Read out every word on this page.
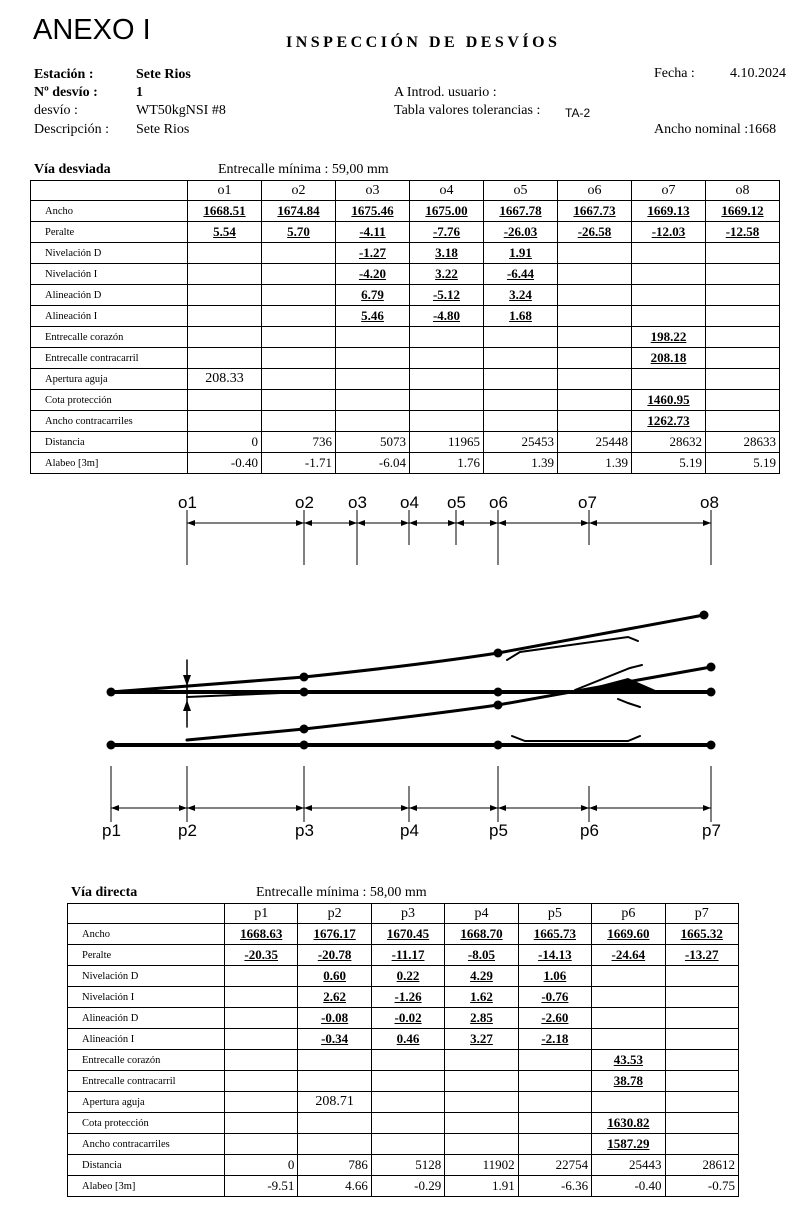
ANEXO I	INSPECCIÓN DE DESVÍOS
Fecha :	4.10.2024
Estación :	Sete Rios
Nº desvío :	1
desvío :	WT50kgNSI #8
Descripción : Sete Rios
A Introd. usuario :
Tabla valores tolerancias : TA-2
Ancho nominal :1668
Vía desviada	Entrecalle mínima : 59,00 mm
	o1	o2	o3	o4	o5	o6	o7	o8
Ancho	1668.51	1674.84	1675.46	1675.00	1667.78	1667.73	1669.13	1669.12
Peralte	5.54	5.70	-4.11	-7.76	-26.03	-26.58	-12.03	-12.58
Nivelación D			-1.27	3.18	1.91			
Nivelación I			-4.20	3.22	-6.44			
Alineación D			6.79	-5.12	3.24			
Alineación I			5.46	-4.80	1.68			
Entrecalle corazón							198.22	
Entrecalle contracarril							208.18	
Apertura aguja	208.33							
Cota protección							1460.95	
Ancho contracarriles							1262.73	
Distancia	0	736	5073	11965	25453	25448	28632	28633
Alabeo [3m]	-0.40	-1.71	-6.04	1.76	1.39	1.39	5.19	5.19
o1	o2 o3 o4 o5 o6	o7	o8
p1	p2	p3	p4	p5	p6	p7
Vía directa	Entrecalle mínima : 58,00 mm
	p1	p2	p3	p4	p5	p6	p7
Ancho	1668.63	1676.17	1670.45	1668.70	1665.73	1669.60	1665.32
Peralte	-20.35	-20.78	-11.17	-8.05	-14.13	-24.64	-13.27
Nivelación D		0.60	0.22	4.29	1.06		
Nivelación I		2.62	-1.26	1.62	-0.76		
Alineación D		-0.08	-0.02	2.85	-2.60		
Alineación I		-0.34	0.46	3.27	-2.18		
Entrecalle corazón						43.53	
Entrecalle contracarril						38.78	
Apertura aguja		208.71					
Cota protección						1630.82	
Ancho contracarriles						1587.29	
Distancia	0	786	5128	11902	22754	25443	28612
Alabeo [3m]	-9.51	4.66	-0.29	1.91	-6.36	-0.40	-0.75
